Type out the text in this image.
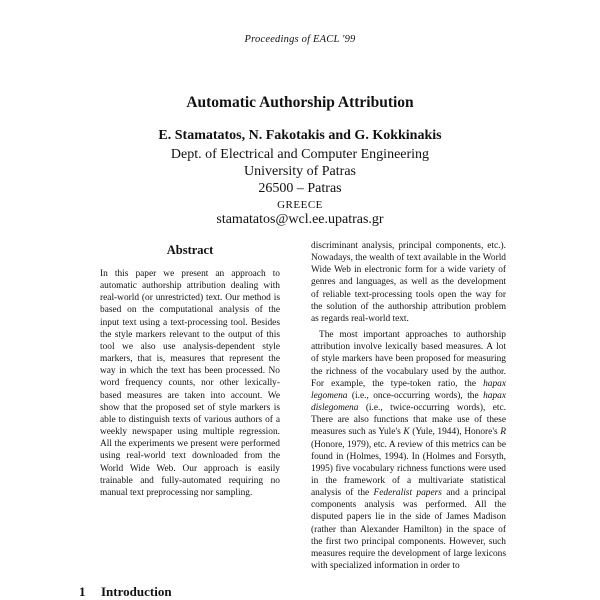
Proceedings of EACL '99
Automatic Authorship Attribution
E. Stamatatos, N. Fakotakis and G. Kokkinakis
Dept. of Electrical and Computer Engineering
University of Patras
26500 – Patras
GREECE
stamatatos@wcl.ee.upatras.gr
Abstract

In this paper we present an approach to automatic authorship attribution dealing with real-world (or unrestricted) text. Our method is based on the computational analysis of the input text using a text-processing tool. Besides the style markers relevant to the output of this tool we also use analysis-dependent style markers, that is, measures that represent the way in which the text has been processed. No word frequency counts, nor other lexically-based measures are taken into account. We show that the proposed set of style markers is able to distinguish texts of various authors of a weekly newspaper using multiple regression. All the experiments we present were performed using real-world text downloaded from the World Wide Web. Our approach is easily trainable and fully-automated requiring no manual text preprocessing nor sampling.

discriminant analysis, principal components, etc.). Nowadays, the wealth of text available in the World Wide Web in electronic form for a wide variety of genres and languages, as well as the development of reliable text-processing tools open the way for the solution of the authorship attribution problem as regards real-world text.

The most important approaches to authorship attribution involve lexically based measures. A lot of style markers have been proposed for measuring the richness of the vocabulary used by the author. For example, the type-token ratio, the hapax legomena (i.e., once-occurring words), the hapax dislegomena (i.e., twice-occurring words), etc. There are also functions that make use of these measures such as Yule's K (Yule, 1944), Honore's R (Honore, 1979), etc. A review of this metrics can be found in (Holmes, 1994). In (Holmes and Forsyth, 1995) five vocabulary richness functions were used in the framework of a multivariate statistical analysis of the Federalist papers and a principal components analysis was performed. All the disputed papers lie in the side of James Madison (rather than Alexander Hamilton) in the space of the first two principal components. However, such measures require the development of large lexicons with specialized information in order to

1 Introduction
